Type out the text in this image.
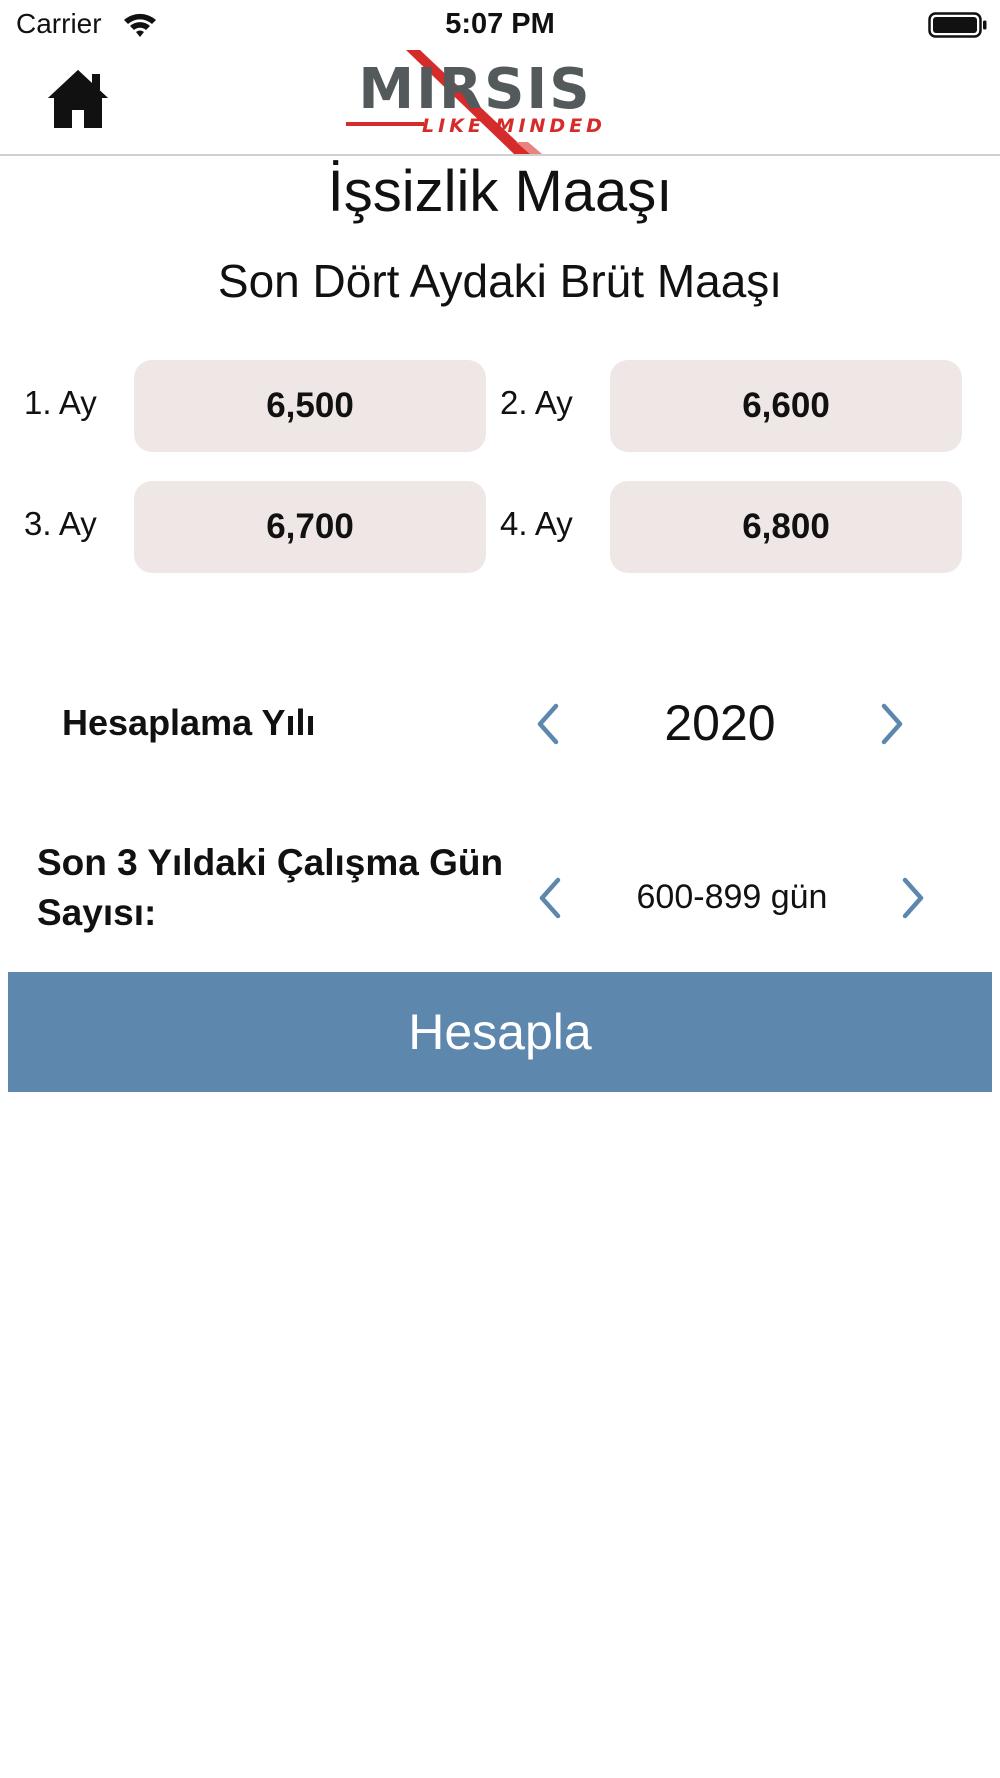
Carrier	5:07 PM
MIRSIS
LIKE MINDED
İşsizlik Maaşı
Son Dört Aydaki Brüt Maaşı
1. Ay	6,500	2. Ay	6,600
3. Ay	6,700	4. Ay	6,800
Hesaplama Yılı	2020
Son 3 Yıldaki Çalışma Gün
Sayısı:	600-899 gün
Hesapla
